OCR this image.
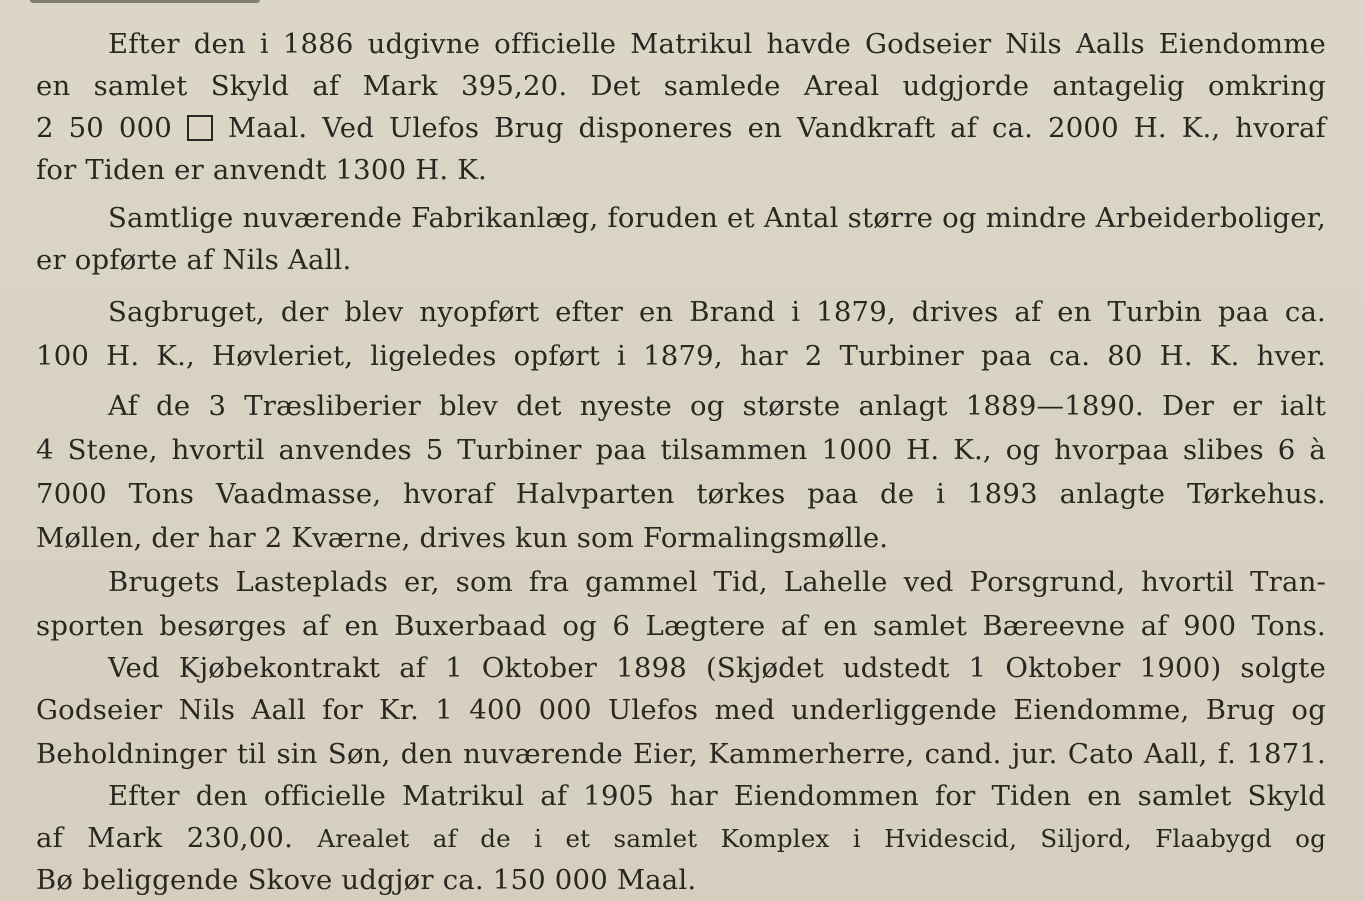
Efter den i 1886 udgivne officielle Matrikul havde Godseier Nils Aalls Eiendomme
en samlet Skyld af Mark 395,20. Det samlede Areal udgjorde antagelig omkring
2 50 000 Maal. Ved Ulefos Brug disponeres en Vandkraft af ca. 2000 H. K., hvoraf
for Tiden er anvendt 1300 H. K.
Samtlige nuværende Fabrikanlæg, foruden et Antal større og mindre Arbeiderboliger,
er opførte af Nils Aall.
Sagbruget, der blev nyopført efter en Brand i 1879, drives af en Turbin paa ca.
100 H. K., Høvleriet, ligeledes opført i 1879, har 2 Turbiner paa ca. 80 H. K. hver.
Af de 3 Træsliberier blev det nyeste og største anlagt 1889—1890. Der er ialt
4 Stene, hvortil anvendes 5 Turbiner paa tilsammen 1000 H. K., og hvorpaa slibes 6 à
7000 Tons Vaadmasse, hvoraf Halvparten tørkes paa de i 1893 anlagte Tørkehus.
Møllen, der har 2 Kværne, drives kun som Formalingsmølle.
Brugets Lasteplads er, som fra gammel Tid, Lahelle ved Porsgrund, hvortil Tran-
sporten besørges af en Buxerbaad og 6 Lægtere af en samlet Bæreevne af 900 Tons.
Ved Kjøbekontrakt af 1 Oktober 1898 (Skjødet udstedt 1 Oktober 1900) solgte
Godseier Nils Aall for Kr. 1 400 000 Ulefos med underliggende Eiendomme, Brug og
Beholdninger til sin Søn, den nuværende Eier, Kammerherre, cand. jur. Cato Aall, f. 1871.
Efter den officielle Matrikul af 1905 har Eiendommen for Tiden en samlet Skyld
af Mark 230,00. Arealet af de i et samlet Komplex i Hvidescid, Siljord, Flaabygd og
Bø beliggende Skove udgjør ca. 150 000 Maal.
